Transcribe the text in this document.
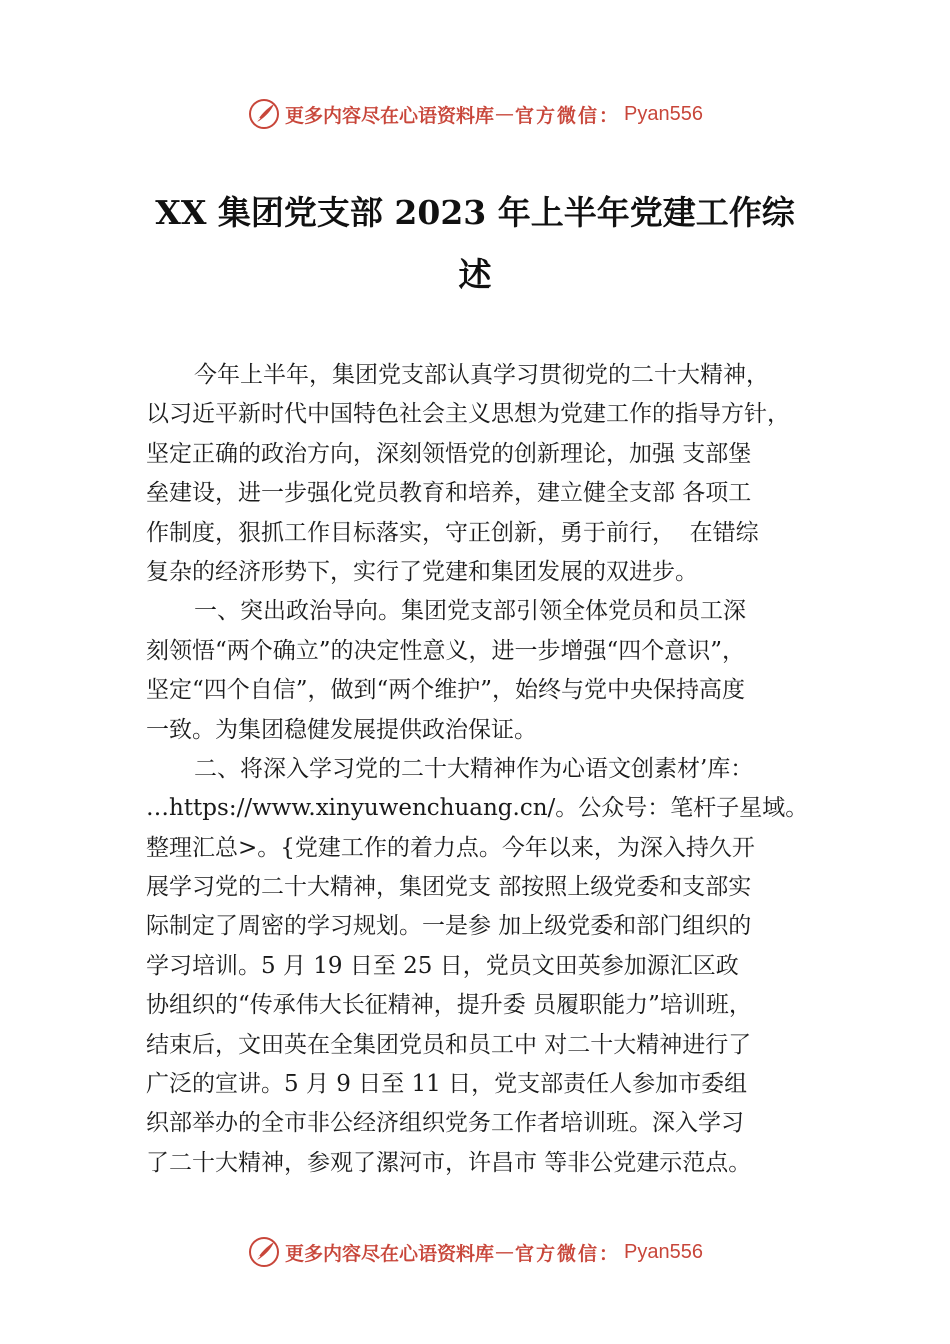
更多内容尽在心语资料库 — 官方微信： Pyan556
XX 集团党支部 2023 年上半年党建工作综
述
今年上半年，集团党支部认真学习贯彻党的二十大精神，
以习近平新时代中国特色社会主义思想为党建工作的指导方针，
坚定正确的政治方向，深刻领悟党的创新理论，加强 支部堡
垒建设，进一步强化党员教育和培养，建立健全支部 各项工
作制度，狠抓工作目标落实，守正创新，勇于前行，  在错综
复杂的经济形势下，实行了党建和集团发展的双进步。
一、突出政治导向。集团党支部引领全体党员和员工深
刻领悟“两个确立”的决定性意义，进一步增强“四个意识”，
坚定“四个自信”，做到“两个维护”，始终与党中央保持高度
一致。为集团稳健发展提供政治保证。
二、将深入学习党的二十大精神作为心语文创素材’库：
…https://www.xinyuwenchuang.cn/。公众号：笔杆子星域。
整理汇总>。{党建工作的着力点。今年以来，为深入持久开
展学习党的二十大精神，集团党支 部按照上级党委和支部实
际制定了周密的学习规划。一是参 加上级党委和部门组织的
学习培训。5 月 19 日至 25 日，党员文田英参加源汇区政
协组织的“传承伟大长征精神，提升委 员履职能力”培训班，
结束后，文田英在全集团党员和员工中 对二十大精神进行了
广泛的宣讲。5 月 9 日至 11 日，党支部责任人参加市委组
织部举办的全市非公经济组织党务工作者培训班。深入学习
了二十大精神，参观了漯河市，许昌市 等非公党建示范点。
更多内容尽在心语资料库 — 官方微信： Pyan556
